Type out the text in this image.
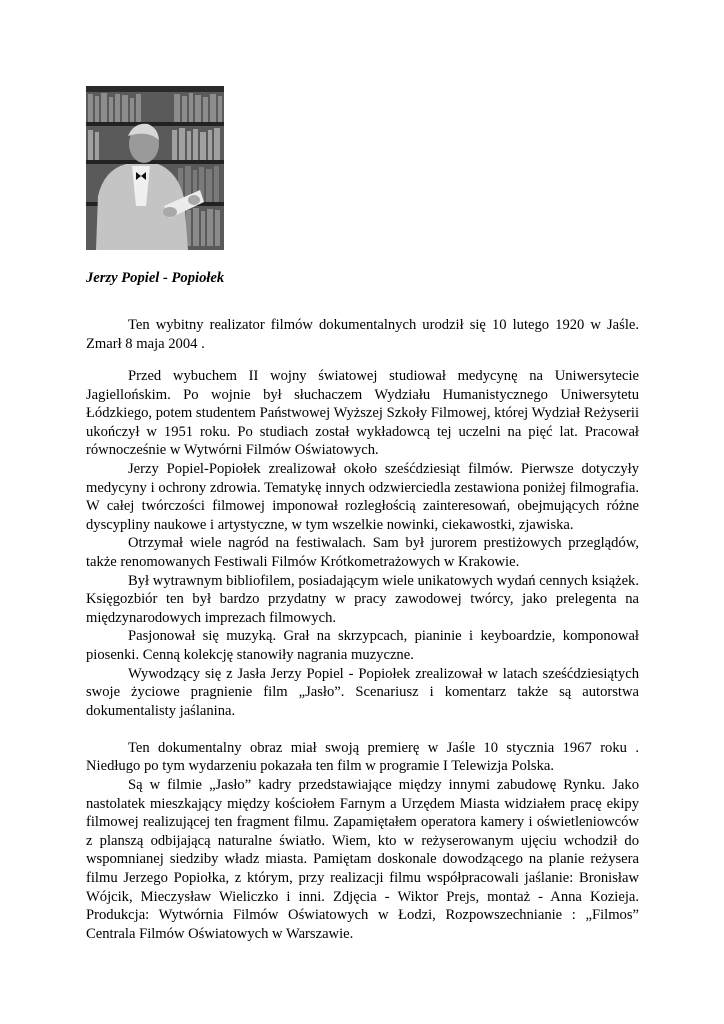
Jerzy Popiel - Popiołek

Ten wybitny realizator filmów dokumentalnych urodził się 10 lutego 1920 w Jaśle. Zmarł 8 maja 2004 .

Przed wybuchem II wojny światowej studiował medycynę na Uniwersytecie Jagiellońskim. Po wojnie był słuchaczem Wydziału Humanistycznego Uniwersytetu Łódzkiego, potem studentem Państwowej Wyższej Szkoły Filmowej, której Wydział Reżyserii ukończył w 1951 roku. Po studiach został wykładowcą tej uczelni na pięć lat. Pracował równocześnie w Wytwórni Filmów Oświatowych.

Jerzy Popiel-Popiołek zrealizował około sześćdziesiąt filmów. Pierwsze dotyczyły medycyny i ochrony zdrowia. Tematykę innych odzwierciedla zestawiona poniżej filmografia. W całej twórczości filmowej imponował rozległością zainteresowań, obejmujących różne dyscypliny naukowe i artystyczne, w tym wszelkie nowinki, ciekawostki, zjawiska.

Otrzymał wiele nagród na festiwalach. Sam był jurorem prestiżowych przeglądów, także renomowanych Festiwali Filmów Krótkometrażowych w Krakowie.

Był wytrawnym bibliofilem, posiadającym wiele unikatowych wydań cennych książek. Księgozbiór ten był bardzo przydatny w pracy zawodowej twórcy, jako prelegenta na międzynarodowych imprezach filmowych.

Pasjonował się muzyką. Grał na skrzypcach, pianinie i keyboardzie, komponował piosenki. Cenną kolekcję stanowiły nagrania muzyczne.

Wywodzący się z Jasła Jerzy Popiel - Popiołek zrealizował w latach sześćdziesiątych swoje życiowe pragnienie film „Jasło”. Scenariusz i komentarz także są autorstwa dokumentalisty jaślanina.

Ten dokumentalny obraz miał swoją premierę w Jaśle 10 stycznia 1967 roku . Niedługo po tym wydarzeniu pokazała ten film w programie I Telewizja Polska.

Są w filmie „Jasło” kadry przedstawiające między innymi zabudowę Rynku. Jako nastolatek mieszkający między kościołem Farnym a Urzędem Miasta widziałem pracę ekipy filmowej realizującej ten fragment filmu. Zapamiętałem operatora kamery i oświetleniowców z planszą odbijającą naturalne światło. Wiem, kto w reżyserowanym ujęciu wchodził do wspomnianej siedziby władz miasta. Pamiętam doskonale dowodzącego na planie reżysera filmu Jerzego Popiołka, z którym, przy realizacji filmu współpracowali jaślanie: Bronisław Wójcik, Mieczysław Wieliczko i inni. Zdjęcia - Wiktor Prejs, montaż - Anna Kozieja. Produkcja: Wytwórnia Filmów Oświatowych w Łodzi, Rozpowszechnianie : „Filmos” Centrala Filmów Oświatowych w Warszawie.
